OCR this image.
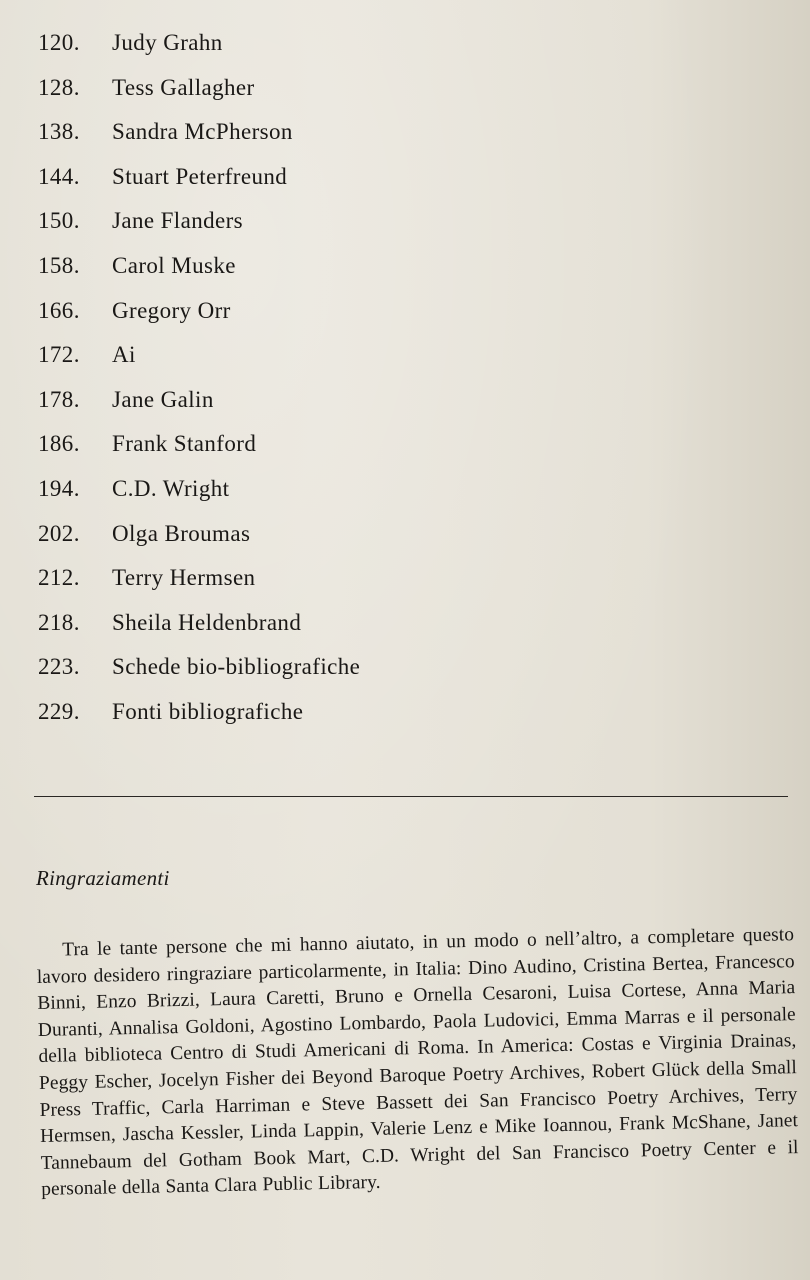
120.	Judy Grahn
128.	Tess Gallagher
138.	Sandra McPherson
144.	Stuart Peterfreund
150.	Jane Flanders
158.	Carol Muske
166.	Gregory Orr
172.	Ai
178.	Jane Galin
186.	Frank Stanford
194.	C.D. Wright
202.	Olga Broumas
212.	Terry Hermsen
218.	Sheila Heldenbrand
223.	Schede bio-bibliografiche
229.	Fonti bibliografiche
Ringraziamenti

Tra le tante persone che mi hanno aiutato, in un modo o nell’altro, a completare questo lavoro desidero ringraziare particolarmente, in Italia: Dino Audino, Cristina Bertea, Francesco Binni, Enzo Brizzi, Laura Caretti, Bruno e Ornella Cesaroni, Luisa Cortese, Anna Maria Duranti, Annalisa Goldoni, Agostino Lombardo, Paola Ludovici, Emma Marras e il personale della biblioteca Centro di Studi Americani di Roma. In America: Costas e Virginia Drainas, Peggy Escher, Jocelyn Fisher dei Beyond Baroque Poetry Archives, Robert Glück della Small Press Traffic, Carla Harriman e Steve Bassett dei San Francisco Poetry Archives, Terry Hermsen, Jascha Kessler, Linda Lappin, Valerie Lenz e Mike Ioannou, Frank McShane, Janet Tannebaum del Gotham Book Mart, C.D. Wright del San Francisco Poetry Center e il personale della Santa Clara Public Library.
